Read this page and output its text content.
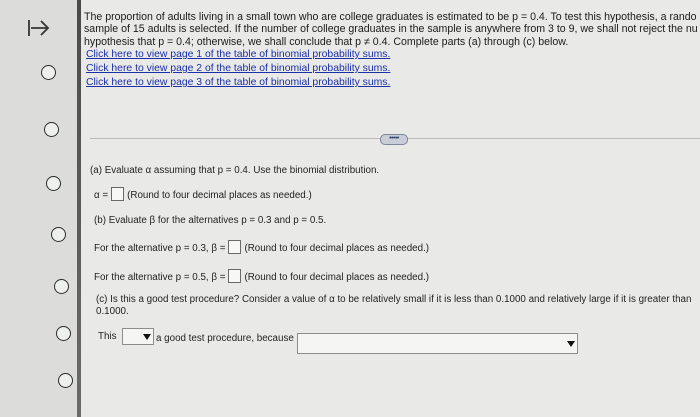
The proportion of adults living in a small town who are college graduates is estimated to be p = 0.4. To test this hypothesis, a rando
sample of 15 adults is selected. If the number of college graduates in the sample is anywhere from 3 to 9, we shall not reject the nu
hypothesis that p = 0.4; otherwise, we shall conclude that p ≠ 0.4. Complete parts (a) through (c) below.
Click here to view page 1 of the table of binomial probability sums.
Click here to view page 2 of the table of binomial probability sums.
Click here to view page 3 of the table of binomial probability sums.
•••••
(a) Evaluate α assuming that p = 0.4. Use the binomial distribution.
α = (Round to four decimal places as needed.)
(b) Evaluate β for the alternatives p = 0.3 and p = 0.5.
For the alternative p = 0.3, β = (Round to four decimal places as needed.)
For the alternative p = 0.5, β = (Round to four decimal places as needed.)
(c) Is this a good test procedure? Consider a value of α to be relatively small if it is less than 0.1000 and relatively large if it is greater than
0.1000.
This	a good test procedure, because
